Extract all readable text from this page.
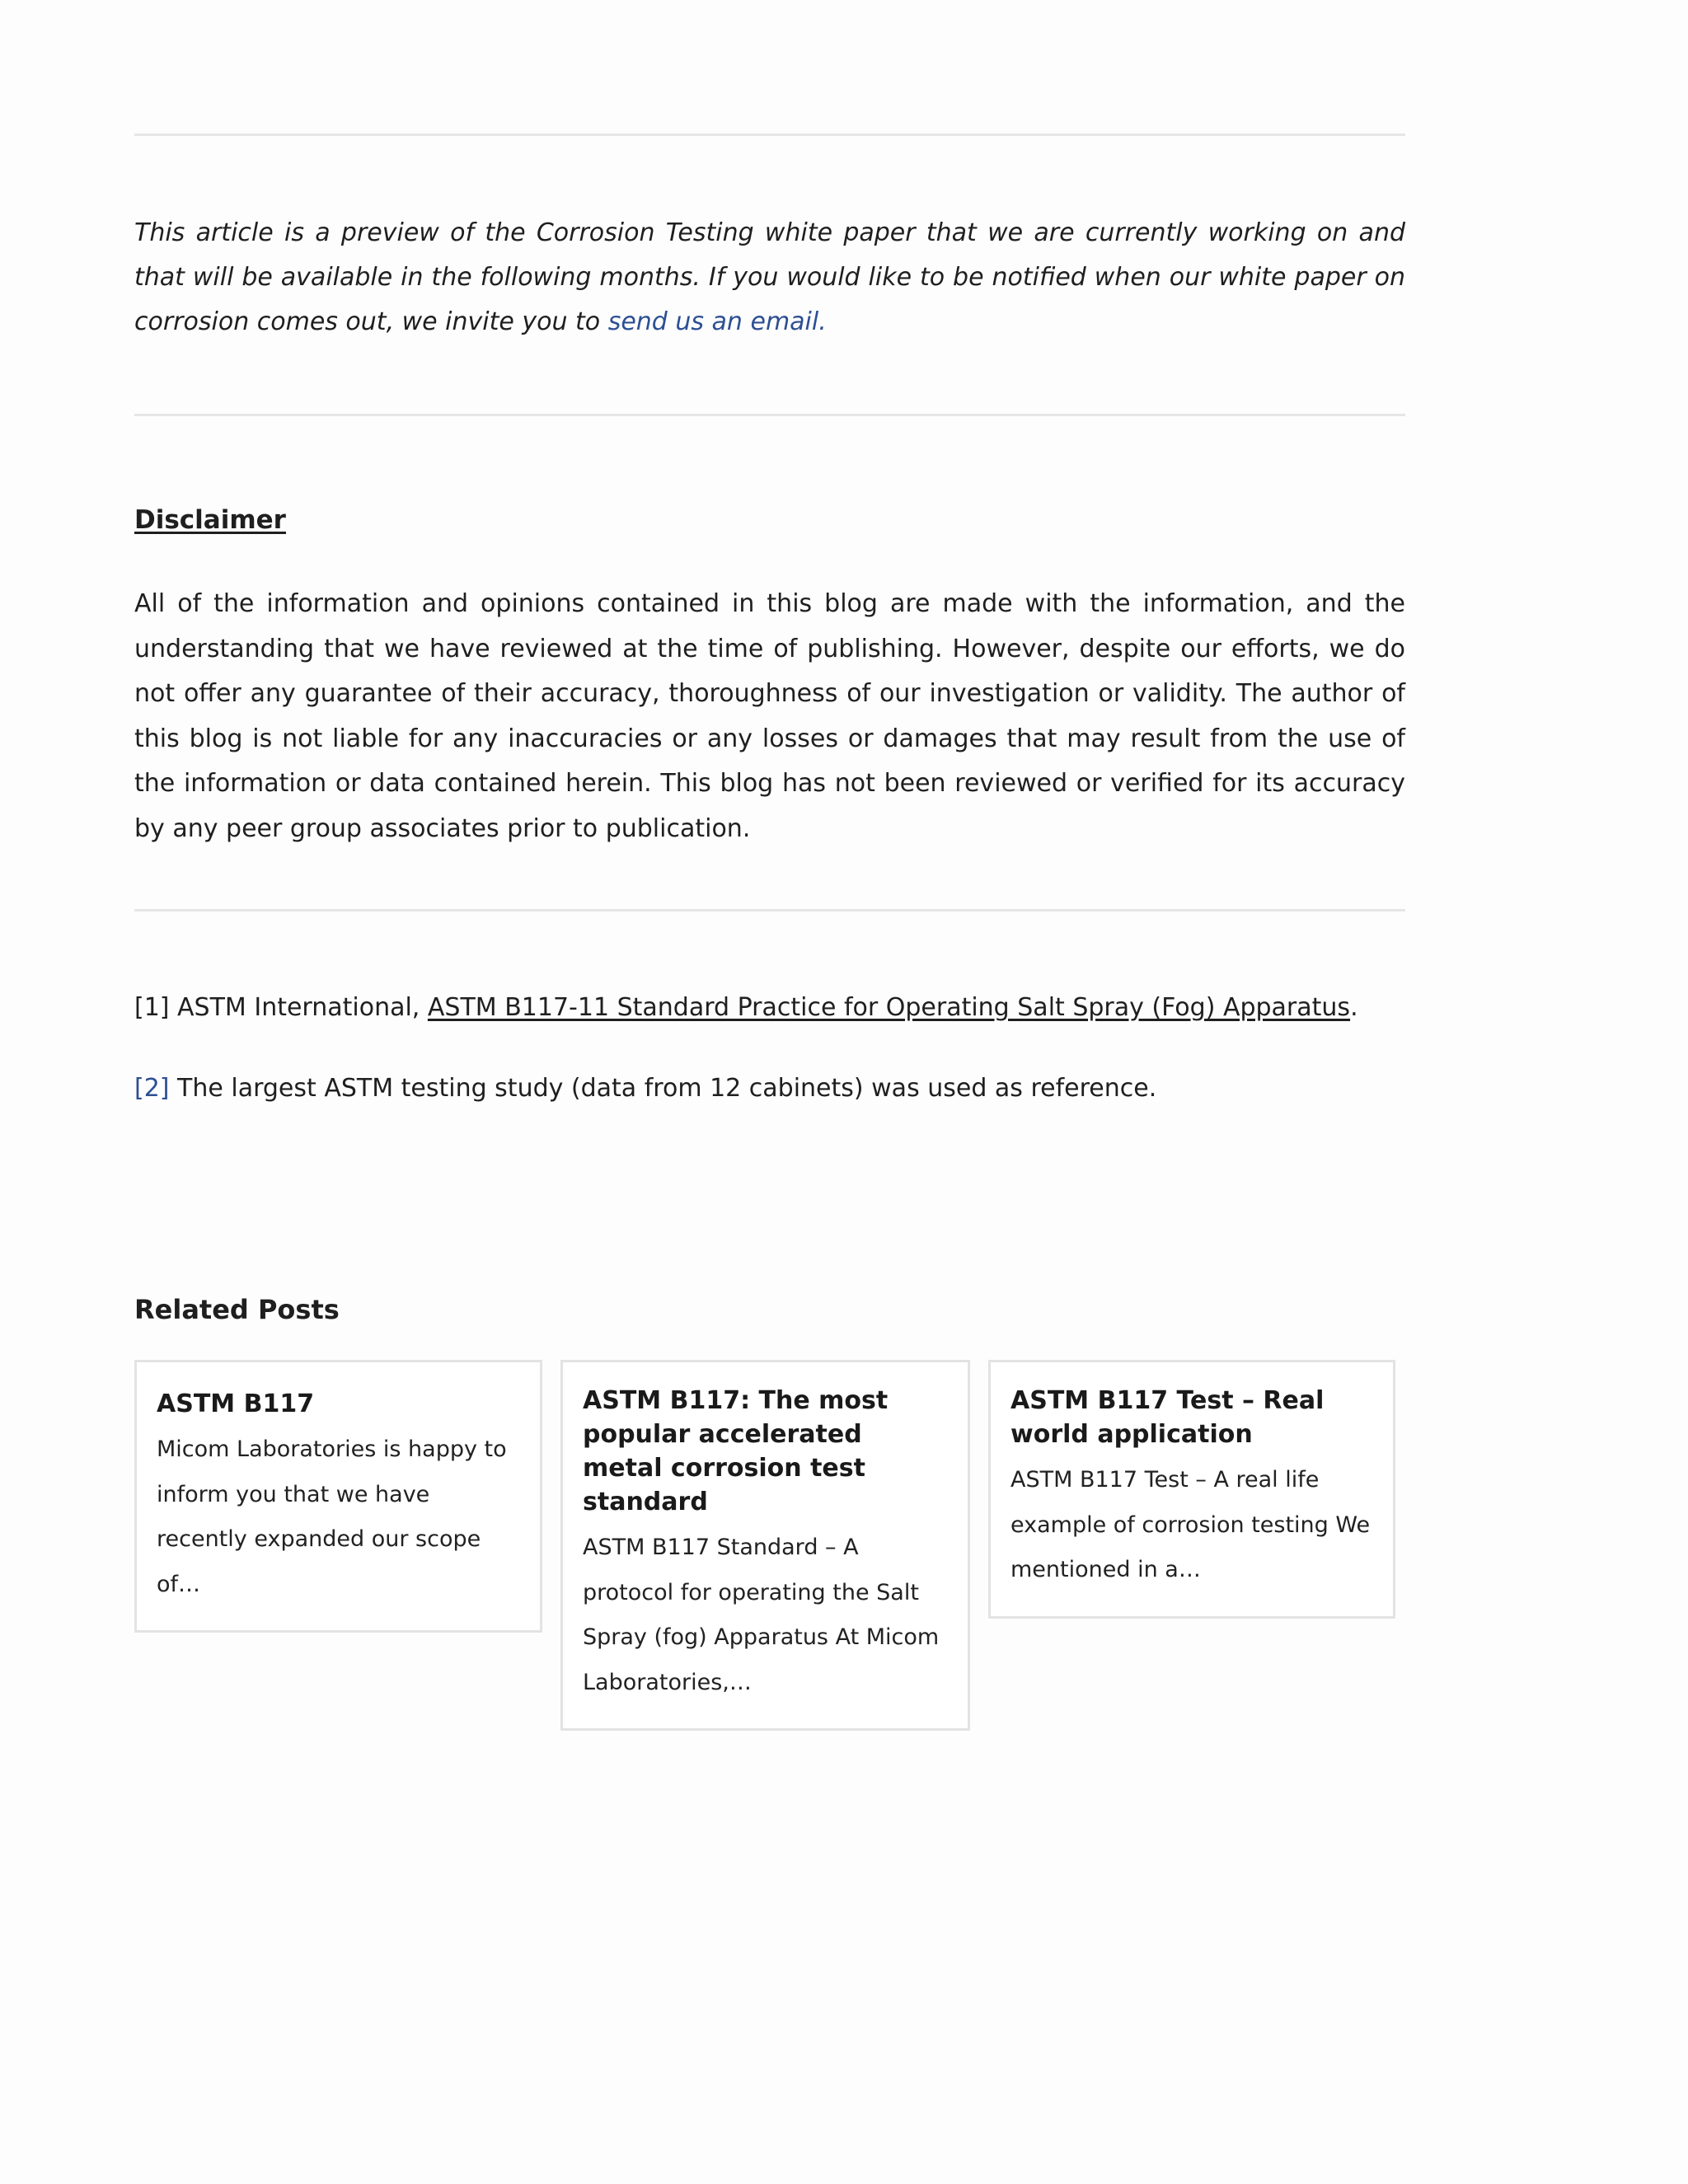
This article is a preview of the Corrosion Testing white paper that we are currently working on and that will be available in the following months. If you would like to be notified when our white paper on corrosion comes out, we invite you to send us an email.

Disclaimer

All of the information and opinions contained in this blog are made with the information, and the understanding that we have reviewed at the time of publishing. However, despite our efforts, we do not offer any guarantee of their accuracy, thoroughness of our investigation or validity. The author of this blog is not liable for any inaccuracies or any losses or damages that may result from the use of the information or data contained herein. This blog has not been reviewed or verified for its accuracy by any peer group associates prior to publication.

[1] ASTM International, ASTM B117-11 Standard Practice for Operating Salt Spray (Fog) Apparatus.

[2] The largest ASTM testing study (data from 12 cabinets) was used as reference.

Related Posts
ASTM B117

Micom Laboratories is happy to inform you that we have recently expanded our scope of…

ASTM B117: The most popular accelerated metal corrosion test standard

ASTM B117 Standard – A protocol for operating the Salt Spray (fog) Apparatus At Micom Laboratories,…

ASTM B117 Test – Real world application

ASTM B117 Test – A real life example of corrosion testing We mentioned in a…
